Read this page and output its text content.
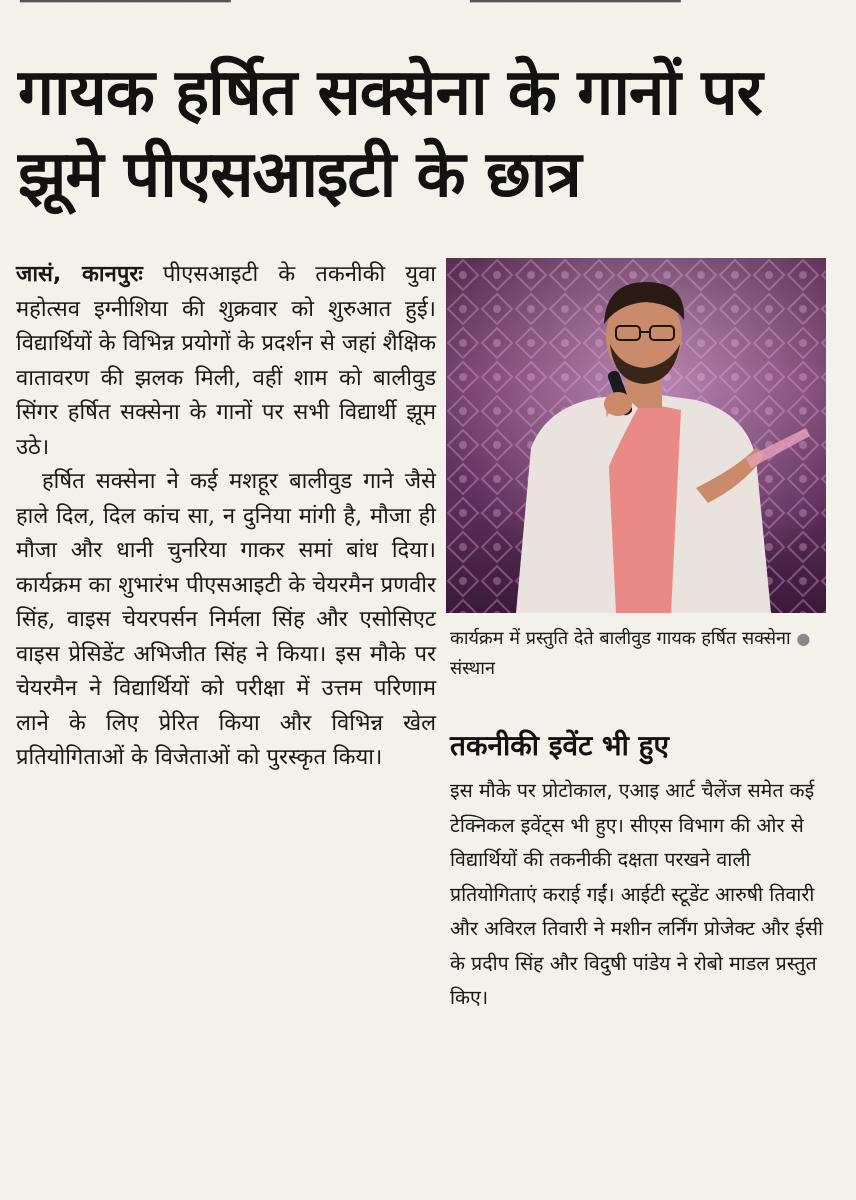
━━━━━━━━━━━━━━━━━━━━━━━━━	━━━━━━━━━━━━━━━━━━━━━━━━━
गायक हर्षित सक्सेना के गानों पर झूमे पीएसआइटी के छात्र

जासं, कानपुरः पीएसआइटी के तकनीकी युवा महोत्सव इग्नीशिया की शुक्रवार को शुरुआत हुई। विद्यार्थियों के विभिन्न प्रयोगों के प्रदर्शन से जहां शैक्षिक वातावरण की झलक मिली, वहीं शाम को बालीवुड सिंगर हर्षित सक्सेना के गानों पर सभी विद्यार्थी झूम उठे।

हर्षित सक्सेना ने कई मशहूर बालीवुड गाने जैसे हाले दिल, दिल कांच सा, न दुनिया मांगी है, मौजा ही मौजा और धानी चुनरिया गाकर समां बांध दिया। कार्यक्रम का शुभारंभ पीएसआइटी के चेयरमैन प्रणवीर सिंह, वाइस चेयरपर्सन निर्मला सिंह और एसोसिएट वाइस प्रेसिडेंट अभिजीत सिंह ने किया। इस मौके पर चेयरमैन ने विद्यार्थियों को परीक्षा में उत्तम परिणाम लाने के लिए प्रेरित किया और विभिन्न खेल प्रतियोगिताओं के विजेताओं को पुरस्कृत किया।

कार्यक्रम में प्रस्तुति देते बालीवुड गायक हर्षित सक्सेना ● संस्थान
तकनीकी इवेंट भी हुए

इस मौके पर प्रोटोकाल, एआइ आर्ट चैलेंज समेत कई टेक्निकल इवेंट्स भी हुए। सीएस विभाग की ओर से विद्यार्थियों की तकनीकी दक्षता परखने वाली प्रतियोगिताएं कराई गईं। आईटी स्टूडेंट आरुषी तिवारी और अविरल तिवारी ने मशीन लर्निंग प्रोजेक्ट और ईसी के प्रदीप सिंह और विदुषी पांडेय ने रोबो माडल प्रस्तुत किए।
